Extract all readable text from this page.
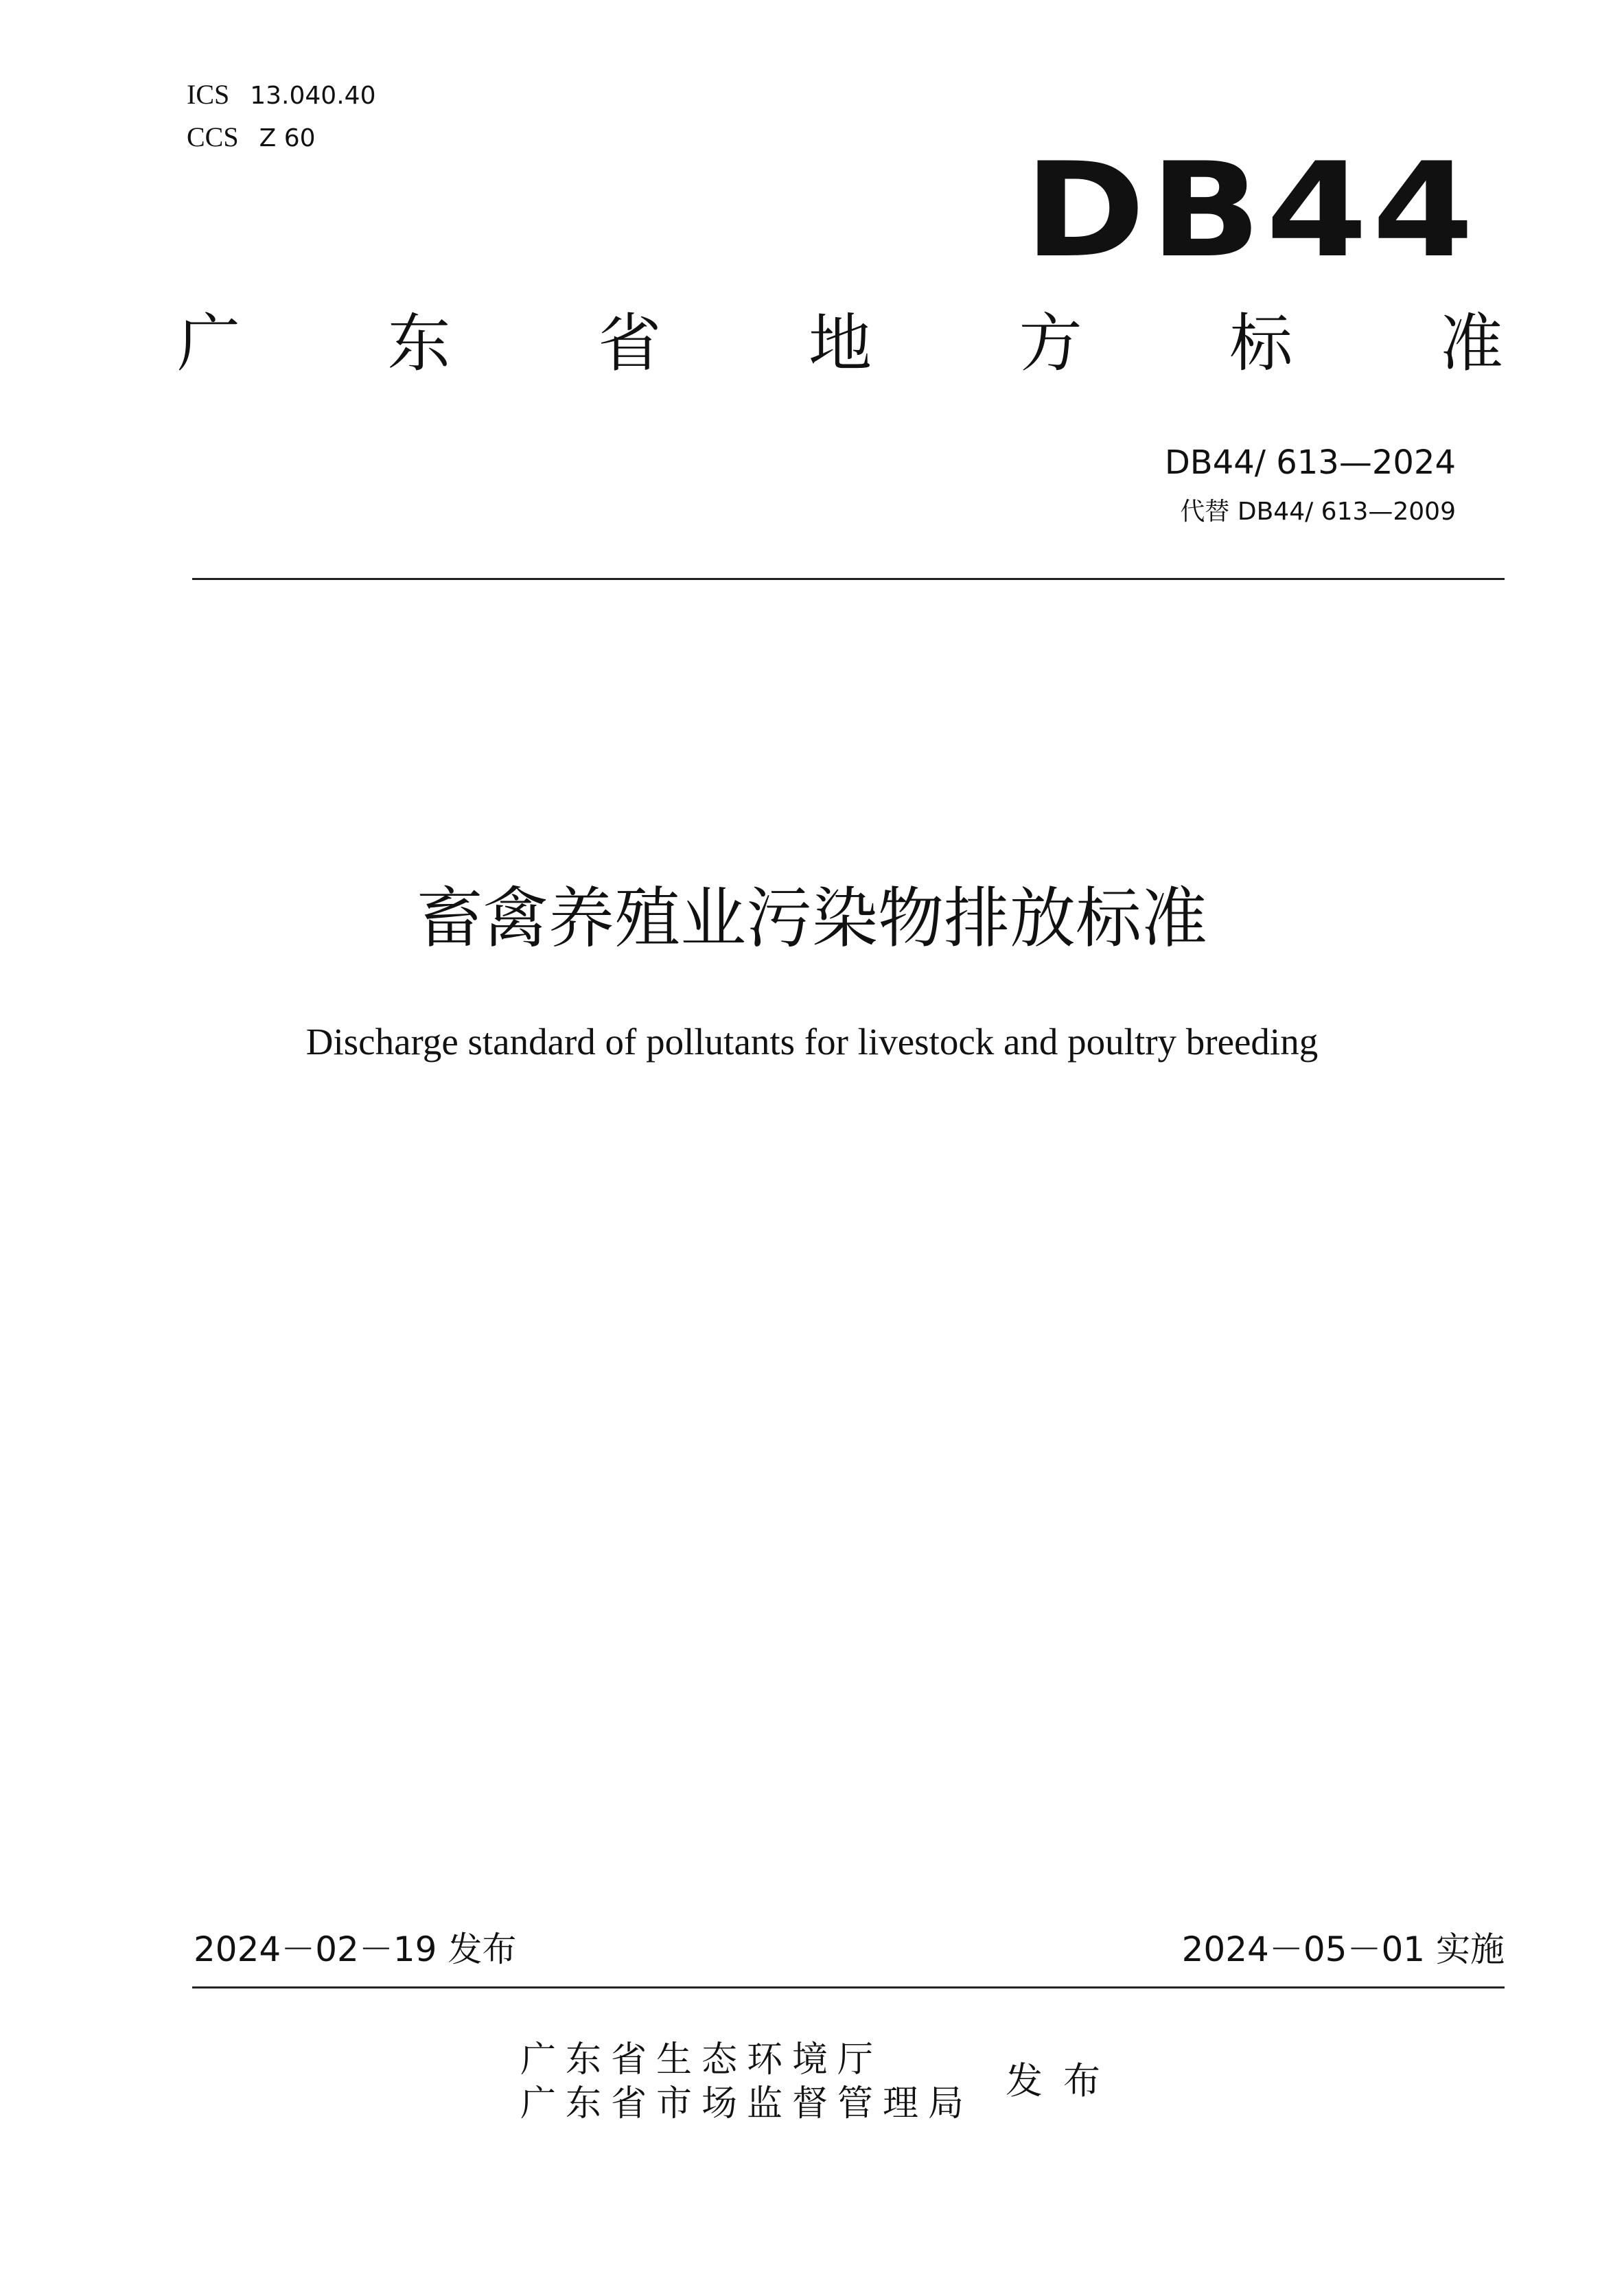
ICS 13.040.40
CCS Z 60	DB44
广 东 省 地 方 标 准
DB44/ 613—2024
代替 DB44/ 613—2009
畜禽养殖业污染物排放标准
Discharge standard of pollutants for livestock and poultry breeding
2024－02－19 发布	2024－05－01 实施
广东省生态环境厅
广东省市场监督管理局
发布
